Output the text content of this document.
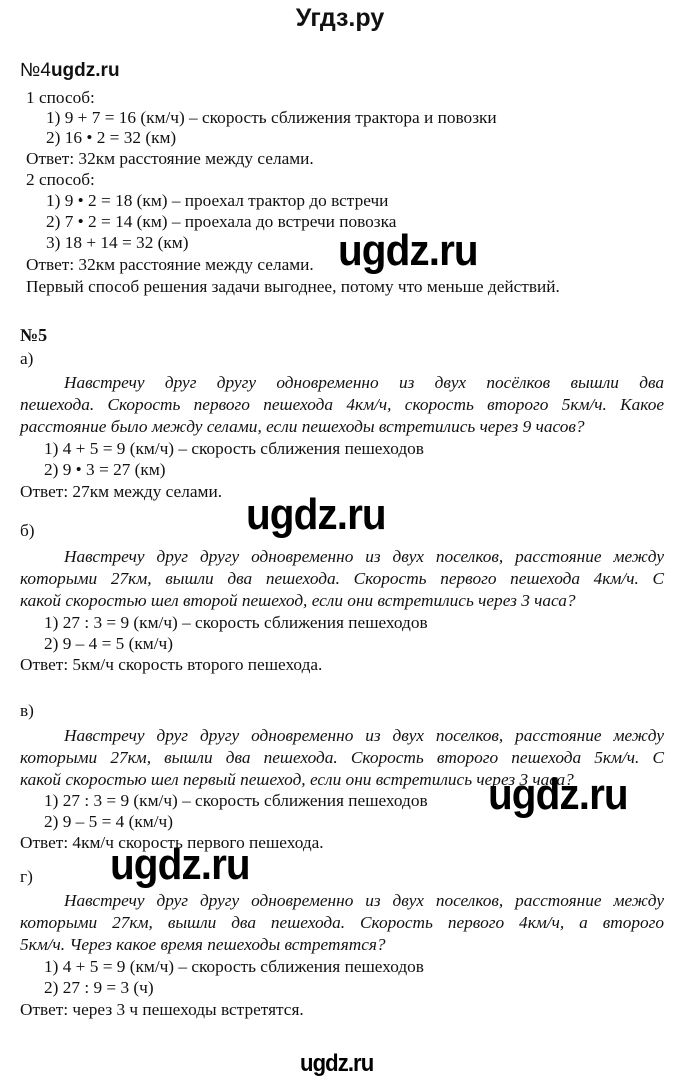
Угдз.ру
№4ugdz.ru
1 способ:
1) 9 + 7 = 16 (км/ч) – скорость сближения трактора и повозки
2) 16 • 2 = 32 (км)
Ответ: 32км расстояние между селами.
2 способ:
1) 9 • 2 = 18 (км) – проехал трактор до встречи
2) 7 • 2 = 14 (км) – проехала до встречи повозка
3) 18 + 14 = 32 (км)
Ответ: 32км расстояние между селами. ugdz.ru
Первый способ решения задачи выгоднее, потому что меньше действий.
№5
а)
Навстречу друг другу одновременно из двух посёлков вышли два
пешехода. Скорость первого пешехода 4км/ч, скорость второго 5км/ч. Какое
расстояние было между селами, если пешеходы встретились через 9 часов?
1) 4 + 5 = 9 (км/ч) – скорость сближения пешеходов
2) 9 • 3 = 27 (км)
Ответ: 27км между селами. ugdz.ru
б)
Навстречу друг другу одновременно из двух поселков, расстояние между
которыми 27км, вышли два пешехода. Скорость первого пешехода 4км/ч. С
какой скоростью шел второй пешеход, если они встретились через 3 часа?
1) 27 : 3 = 9 (км/ч) – скорость сближения пешеходов
2) 9 – 4 = 5 (км/ч)
Ответ: 5км/ч скорость второго пешехода.
в)
Навстречу друг другу одновременно из двух поселков, расстояние между
которыми 27км, вышли два пешехода. Скорость второго пешехода 5км/ч. С
какой скоростью шел первый пешеход, если они встретились через 3 часа?
1) 27 : 3 = 9 (км/ч) – скорость сближения пешеходов
2) 9 – 5 = 4 (км/ч)
Ответ: 4км/ч скорость первого пешехода.
ugdz.ru
ugdz.ru
г)
Навстречу друг другу одновременно из двух поселков, расстояние между
которыми 27км, вышли два пешехода. Скорость первого 4км/ч, а второго
5км/ч. Через какое время пешеходы встретятся?
1) 4 + 5 = 9 (км/ч) – скорость сближения пешеходов
2) 27 : 9 = 3 (ч)
Ответ: через 3 ч пешеходы встретятся.
ugdz.ru
